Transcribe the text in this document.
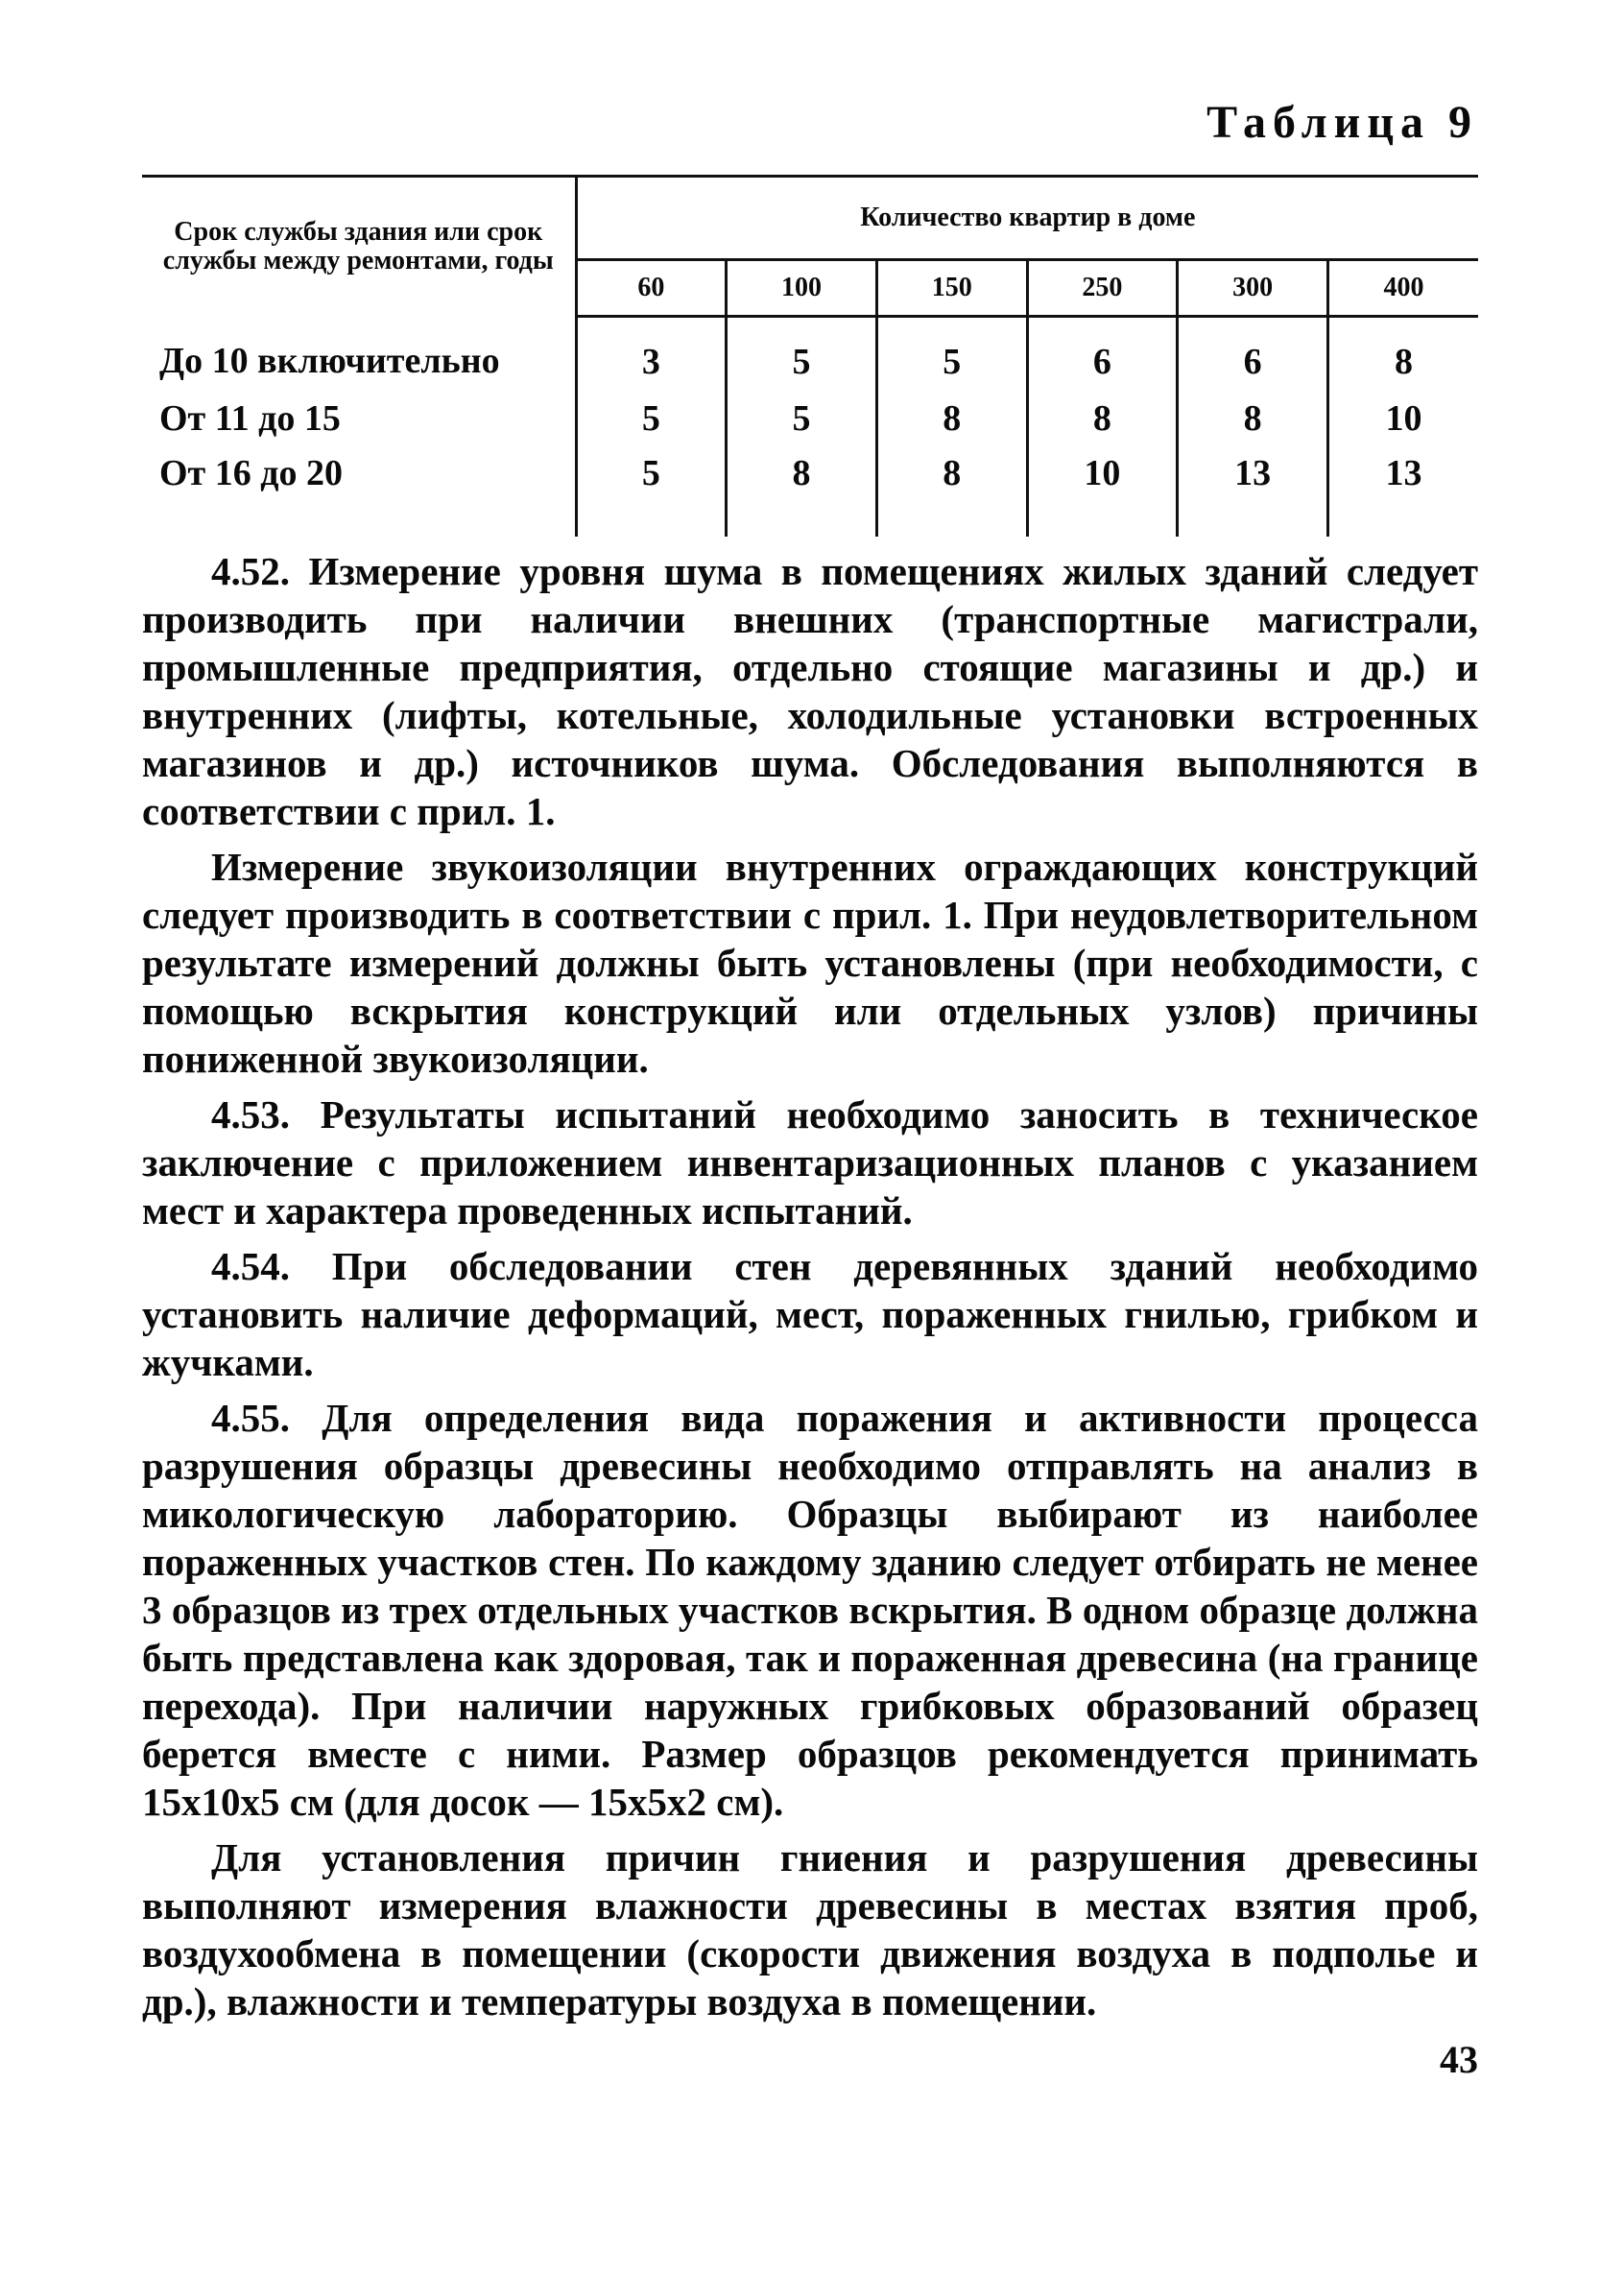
Таблица 9
Срок службы здания или срок службы между ремонтами, годы	Количество квартир в доме					
	60	100	150	250	300	400
До 10 включительно	3	5	5	6	6	8
От 11 до 15	5	5	8	8	8	10
От 16 до 20	5	8	8	10	13	13

4.52. Измерение уровня шума в помещениях жилых зданий следует производить при наличии внешних (транспортные магистрали, промышленные предприятия, отдельно стоящие магазины и др.) и внутренних (лифты, котельные, холодильные установки встроенных магазинов и др.) источников шума. Обследования выполняются в соответствии с прил. 1.

Измерение звукоизоляции внутренних ограждающих конструкций следует производить в соответствии с прил. 1. При неудовлетворительном результате измерений должны быть установлены (при необходимости, с помощью вскрытия конструкций или отдельных узлов) причины пониженной звукоизоляции.

4.53. Результаты испытаний необходимо заносить в техническое заключение с приложением инвентаризационных планов с указанием мест и характера проведенных испытаний.

4.54. При обследовании стен деревянных зданий необходимо установить наличие деформаций, мест, пораженных гнилью, грибком и жучками.

4.55. Для определения вида поражения и активности процесса разрушения образцы древесины необходимо отправлять на анализ в микологическую лабораторию. Образцы выбирают из наиболее пораженных участков стен. По каждому зданию следует отбирать не менее 3 образцов из трех отдельных участков вскрытия. В одном образце должна быть представлена как здоровая, так и пораженная древесина (на границе перехода). При наличии наружных грибковых образований образец берется вместе с ними. Размер образцов рекомендуется принимать 15x10x5 см (для досок — 15x5x2 см).

Для установления причин гниения и разрушения древесины выполняют измерения влажности древесины в местах взятия проб, воздухообмена в помещении (скорости движения воздуха в подполье и др.), влажности и температуры воздуха в помещении.

43
